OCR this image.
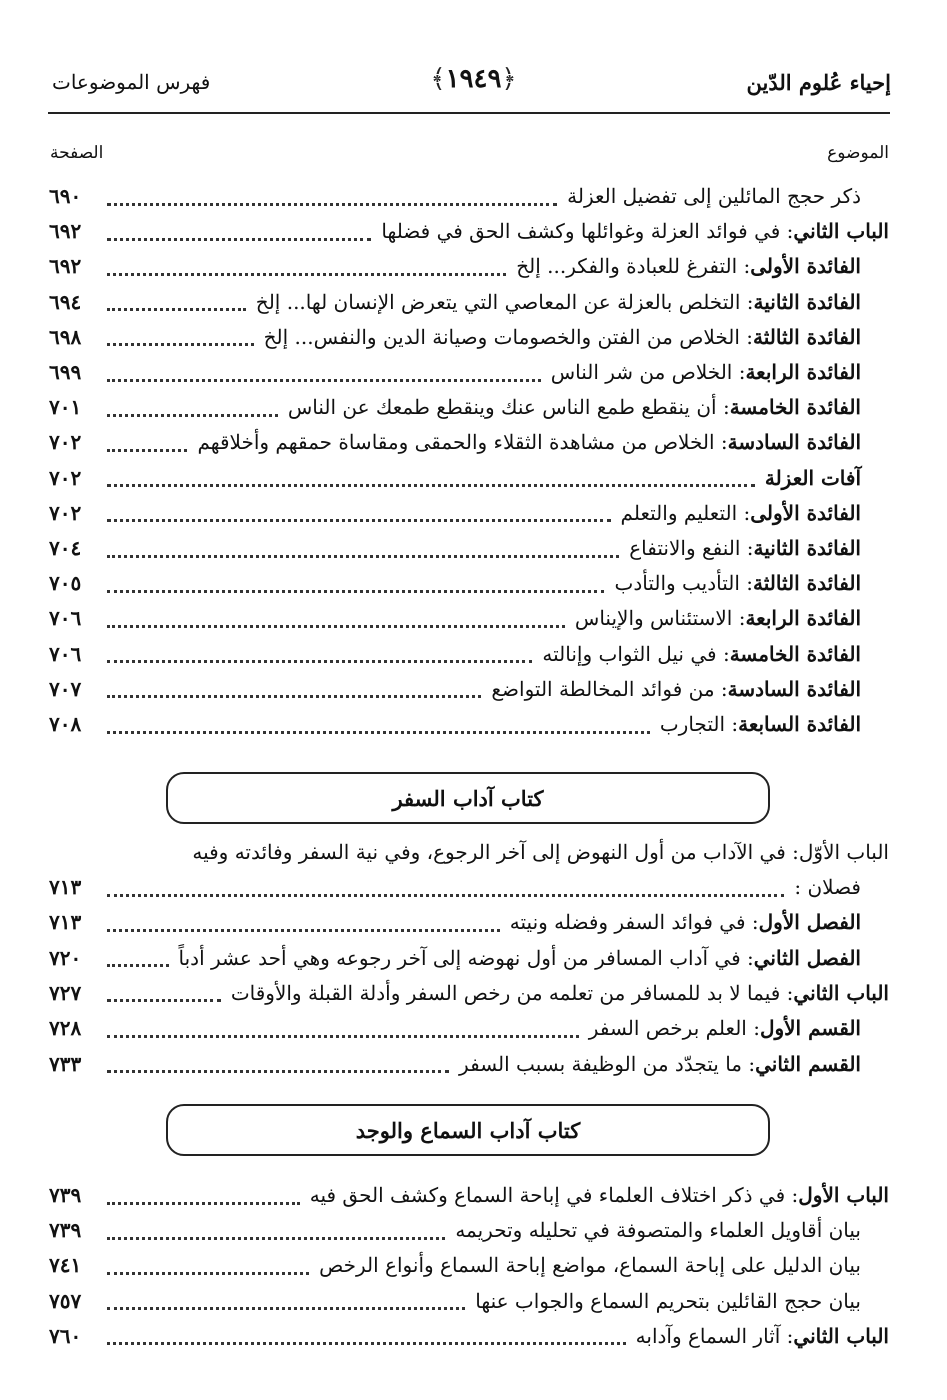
إحياء عُلوم الدّين
﴿١٩٤٩﴾
فهرس الموضوعات
الموضوع
الصفحة
ذكر حجج المائلين إلى تفضيل العزلة
٦٩٠
الباب الثاني: في فوائد العزلة وغوائلها وكشف الحق في فضلها
٦٩٢
الفائدة الأولى: التفرغ للعبادة والفكر... إلخ
٦٩٢
الفائدة الثانية: التخلص بالعزلة عن المعاصي التي يتعرض الإنسان لها... إلخ
٦٩٤
الفائدة الثالثة: الخلاص من الفتن والخصومات وصيانة الدين والنفس... إلخ
٦٩٨
الفائدة الرابعة: الخلاص من شر الناس
٦٩٩
الفائدة الخامسة: أن ينقطع طمع الناس عنك وينقطع طمعك عن الناس
٧٠١
الفائدة السادسة: الخلاص من مشاهدة الثقلاء والحمقى ومقاساة حمقهم وأخلاقهم
٧٠٢
آفات العزلة
٧٠٢
الفائدة الأولى: التعليم والتعلم
٧٠٢
الفائدة الثانية: النفع والانتفاع
٧٠٤
الفائدة الثالثة: التأديب والتأدب
٧٠٥
الفائدة الرابعة: الاستئناس والإيناس
٧٠٦
الفائدة الخامسة: في نيل الثواب وإنالته
٧٠٦
الفائدة السادسة: من فوائد المخالطة التواضع
٧٠٧
الفائدة السابعة: التجارب
٧٠٨
كتاب آداب السفر
الباب الأوّل: في الآداب من أول النهوض إلى آخر الرجوع، وفي نية السفر وفائدته وفيه
فصلان :
٧١٣
الفصل الأول: في فوائد السفر وفضله ونيته
٧١٣
الفصل الثاني: في آداب المسافر من أول نهوضه إلى آخر رجوعه وهي أحد عشر أدباً
٧٢٠
الباب الثاني: فيما لا بد للمسافر من تعلمه من رخص السفر وأدلة القبلة والأوقات
٧٢٧
القسم الأول: العلم برخص السفر
٧٢٨
القسم الثاني: ما يتجدّد من الوظيفة بسبب السفر
٧٣٣
كتاب آداب السماع والوجد
الباب الأول: في ذكر اختلاف العلماء في إباحة السماع وكشف الحق فيه
٧٣٩
بيان أقاويل العلماء والمتصوفة في تحليله وتحريمه
٧٣٩
بيان الدليل على إباحة السماع، مواضع إباحة السماع وأنواع الرخص
٧٤١
بيان حجج القائلين بتحريم السماع والجواب عنها
٧٥٧
الباب الثاني: آثار السماع وآدابه
٧٦٠
